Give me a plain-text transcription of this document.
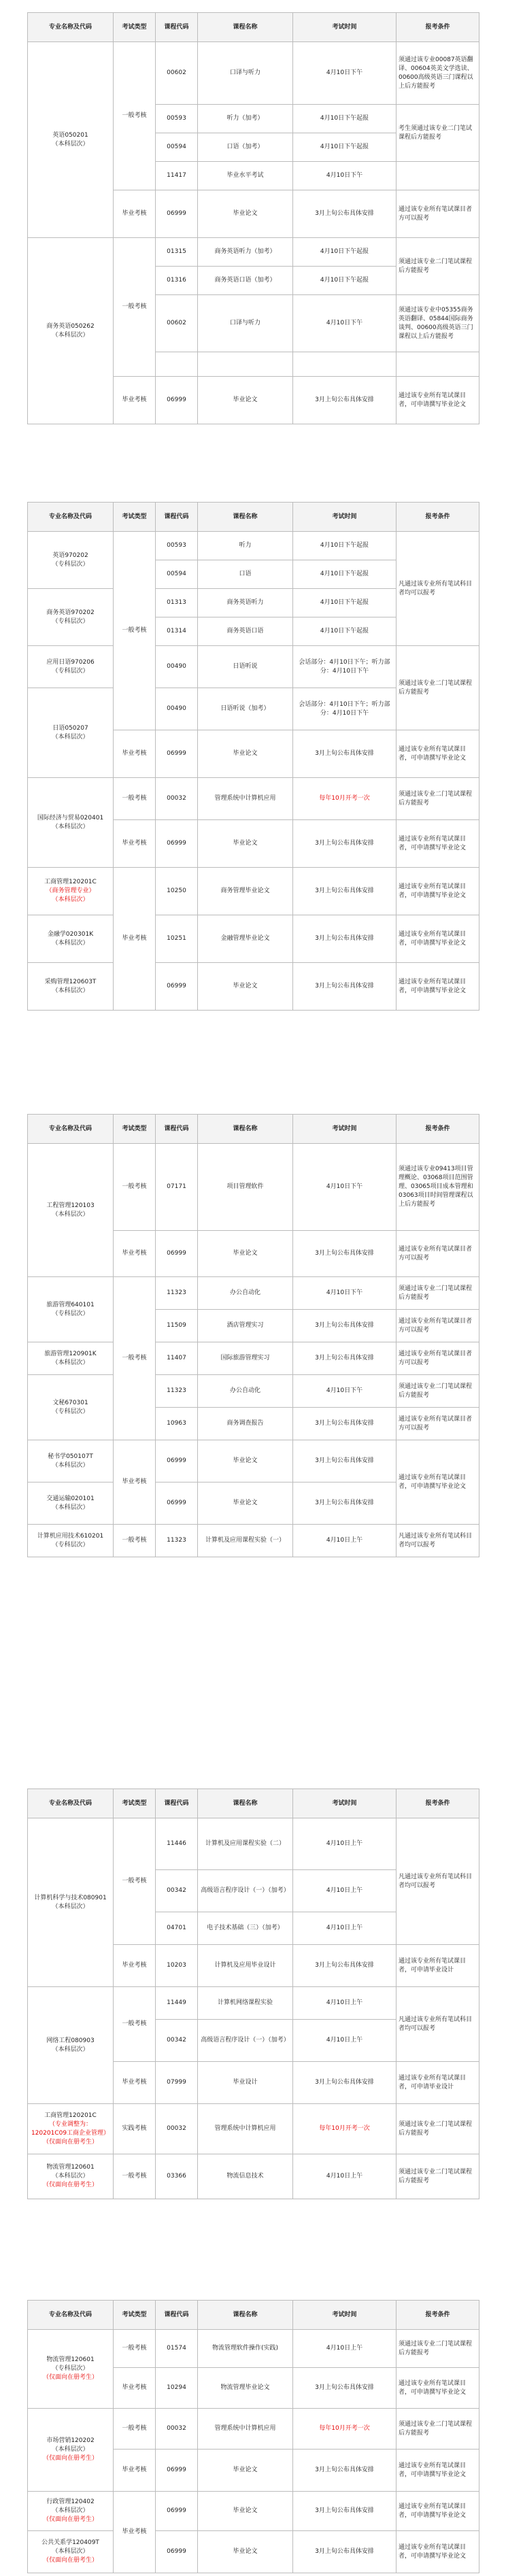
专业名称及代码	考试类型	课程代码	课程名称	考试时间	报考条件
英语050201
（本科层次）	一般考核	00602	口译与听力	4月10日下午	须通过该专业00087英语翻译、00604英美文学选读、00600高级英语三门课程以上后方能报考
		00593	听力（加考）	4月10日下午起报	考生须通过该专业二门笔试课程后方能报考
		00594	口语（加考）	4月10日下午起报	
		11417	毕业水平考试	4月10日下午	
	毕业考核	06999	毕业论文	3月上旬公布具体安排	通过该专业所有笔试课目者方可以报考
商务英语050262
（本科层次）	一般考核	01315	商务英语听力（加考）	4月10日下午起报	须通过该专业二门笔试课程后方能报考
		01316	商务英语口语（加考）	4月10日下午起报	
		00602	口译与听力	4月10日下午	须通过该专业中05355商务英语翻译、05844国际商务谈判、00600高级英语三门课程以上后方能报考

	毕业考核	06999	毕业论文	3月上旬公布具体安排	通过该专业所有笔试课目者，可申请撰写毕业论文
专业名称及代码	考试类型	课程代码	课程名称	考试时间	报考条件
英语970202
（专科层次）	一般考核	00593	听力	4月10日下午起报	凡通过该专业所有笔试科目者均可以报考
		00594	口语	4月10日下午起报	
商务英语970202
（专科层次）		01313	商务英语听力	4月10日下午起报	
		01314	商务英语口语	4月10日下午起报	
应用日语970206
（专科层次）		00490	日语听说	会话部分：4月10日下午；听力部分：4月10日下午	须通过该专业二门笔试课程后方能报考
日语050207
（本科层次）		00490	日语听说（加考）	会话部分：4月10日下午；听力部分：4月10日下午	
	毕业考核	06999	毕业论文	3月上旬公布具体安排	通过该专业所有笔试课目者，可申请撰写毕业论文
国际经济与贸易020401
（本科层次）	一般考核	00032	管理系统中计算机应用	每年10月开考一次	须通过该专业二门笔试课程后方能报考
	毕业考核	06999	毕业论文	3月上旬公布具体安排	通过该专业所有笔试课目者，可申请撰写毕业论文
工商管理120201C
（商务管理专业）
（本科层次）	毕业考核	10250	商务管理毕业论文	3月上旬公布具体安排	通过该专业所有笔试课目者，可申请撰写毕业论文
金融学020301K
（本科层次）		10251	金融管理毕业论文	3月上旬公布具体安排	通过该专业所有笔试课目者，可申请撰写毕业论文
采购管理120603T
（本科层次）		06999	毕业论文	3月上旬公布具体安排	通过该专业所有笔试课目者，可申请撰写毕业论文
专业名称及代码	考试类型	课程代码	课程名称	考试时间	报考条件
工程管理120103
（本科层次）	一般考核	07171	项目管理软件	4月10日下午	须通过该专业09413项目管理概论、03068项目范围管理、03065项目成本管理和03063项目时间管理课程以上后方能报考
	毕业考核	06999	毕业论文	3月上旬公布具体安排	通过该专业所有笔试课目者方可以报考
旅游管理640101
（专科层次）	一般考核	11323	办公自动化	4月10日下午	须通过该专业二门笔试课程后方能报考
		11509	酒店管理实习	3月上旬公布具体安排	通过该专业所有笔试课目者方可以报考
旅游管理120901K
（本科层次）		11407	国际旅游管理实习	3月上旬公布具体安排	通过该专业所有笔试课目者方可以报考
文秘670301
（专科层次）		11323	办公自动化	4月10日下午	须通过该专业二门笔试课程后方能报考
		10963	商务调查报告	3月上旬公布具体安排	通过该专业所有笔试课目者方可以报考
秘书学050107T
（本科层次）	毕业考核	06999	毕业论文	3月上旬公布具体安排	通过该专业所有笔试课目者，可申请撰写毕业论文
交通运输020101
（本科层次）		06999	毕业论文	3月上旬公布具体安排	
计算机应用技术610201
（专科层次）	一般考核	11323	计算机及应用课程实验（一）	4月10日上午	凡通过该专业所有笔试科目者均可以报考
专业名称及代码	考试类型	课程代码	课程名称	考试时间	报考条件
计算机科学与技术080901
（本科层次）	一般考核	11446	计算机及应用课程实验（二）	4月10日上午	凡通过该专业所有笔试科目者均可以报考
		00342	高级语言程序设计（一）（加考）	4月10日上午	
		04701	电子技术基础（三）（加考）	4月10日上午	
	毕业考核	10203	计算机及应用毕业设计	3月上旬公布具体安排	通过该专业所有笔试课目者，可申请毕业设计
网络工程080903
（本科层次）	一般考核	11449	计算机网络课程实验	4月10日上午	凡通过该专业所有笔试科目者均可以报考
		00342	高级语言程序设计（一）（加考）	4月10日上午	
	毕业考核	07999	毕业设计	3月上旬公布具体安排	通过该专业所有笔试课目者，可申请毕业设计
工商管理120201C
（专业调整为：
120201C09工商企业管理）
（仅面向在册考生）	实践考核	00032	管理系统中计算机应用	每年10月开考一次	须通过该专业二门笔试课程后方能报考
物流管理120601
（本科层次）
（仅面向在册考生）	一般考核	03366	物流信息技术	4月10日上午	须通过该专业二门笔试课程后方能报考
专业名称及代码	考试类型	课程代码	课程名称	考试时间	报考条件
物流管理120601
（专科层次）
（仅面向在册考生）	一般考核	01574	物流管理软件操作(实践)	4月10日上午	须通过该专业二门笔试课程后方能报考
	毕业考核	10294	物流管理毕业论文	3月上旬公布具体安排	通过该专业所有笔试课目者，可申请撰写毕业论文
市场营销120202
（本科层次）
（仅面向在册考生）	一般考核	00032	管理系统中计算机应用	每年10月开考一次	须通过该专业二门笔试课程后方能报考
	毕业考核	06999	毕业论文	3月上旬公布具体安排	通过该专业所有笔试课目者，可申请撰写毕业论文
行政管理120402
（本科层次）
（仅面向在册考生）	毕业考核	06999	毕业论文	3月上旬公布具体安排	通过该专业所有笔试课目者，可申请撰写毕业论文
公共关系学120409T
（本科层次）
（仅面向在册考生）		06999	毕业论文	3月上旬公布具体安排	通过该专业所有笔试课目者，可申请撰写毕业论文
